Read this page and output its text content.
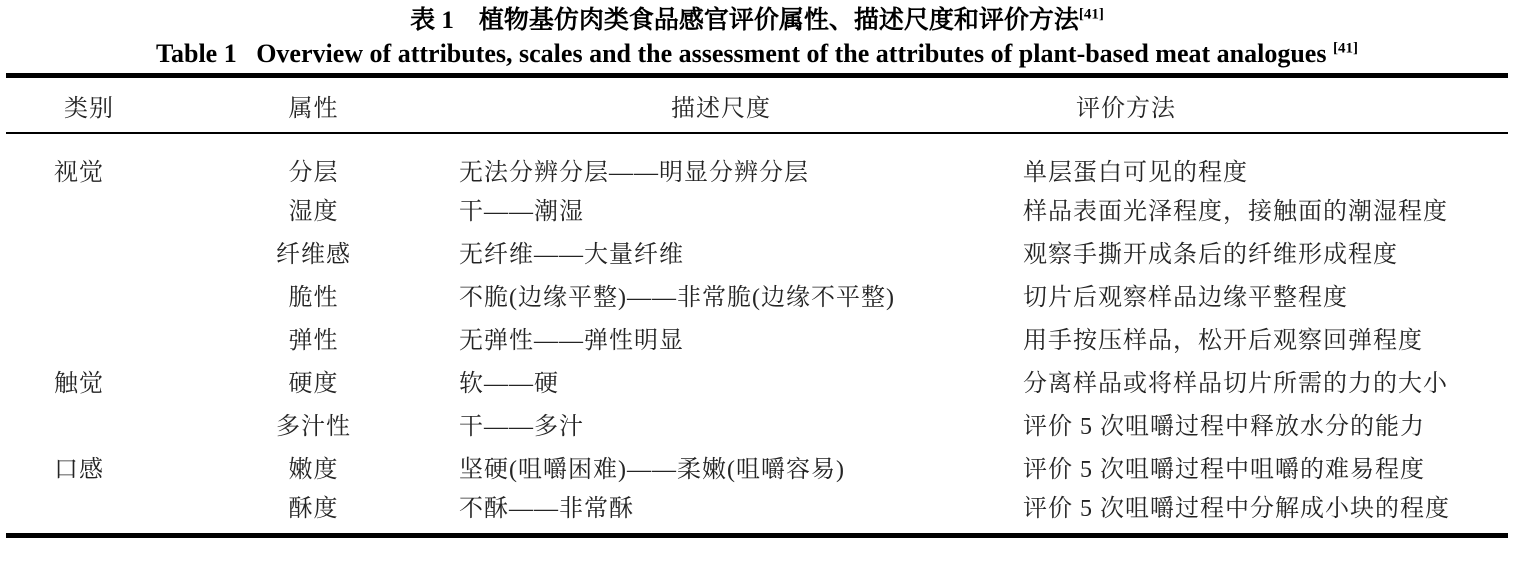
表 1　植物基仿肉类食品感官评价属性、描述尺度和评价方法[41]
Table 1   Overview of attributes, scales and the assessment of the attributes of plant-based meat analogues [41]
类别	属性	描述尺度	评价方法
视觉	分层	无法分辨分层——明显分辨分层	单层蛋白可见的程度
	湿度	干——潮湿	样品表面光泽程度，接触面的潮湿程度
	纤维感	无纤维——大量纤维	观察手撕开成条后的纤维形成程度
	脆性	不脆(边缘平整)——非常脆(边缘不平整)	切片后观察样品边缘平整程度
	弹性	无弹性——弹性明显	用手按压样品，松开后观察回弹程度
触觉	硬度	软——硬	分离样品或将样品切片所需的力的大小
	多汁性	干——多汁	评价 5 次咀嚼过程中释放水分的能力
口感	嫩度	坚硬(咀嚼困难)——柔嫩(咀嚼容易)	评价 5 次咀嚼过程中咀嚼的难易程度
	酥度	不酥——非常酥	评价 5 次咀嚼过程中分解成小块的程度
